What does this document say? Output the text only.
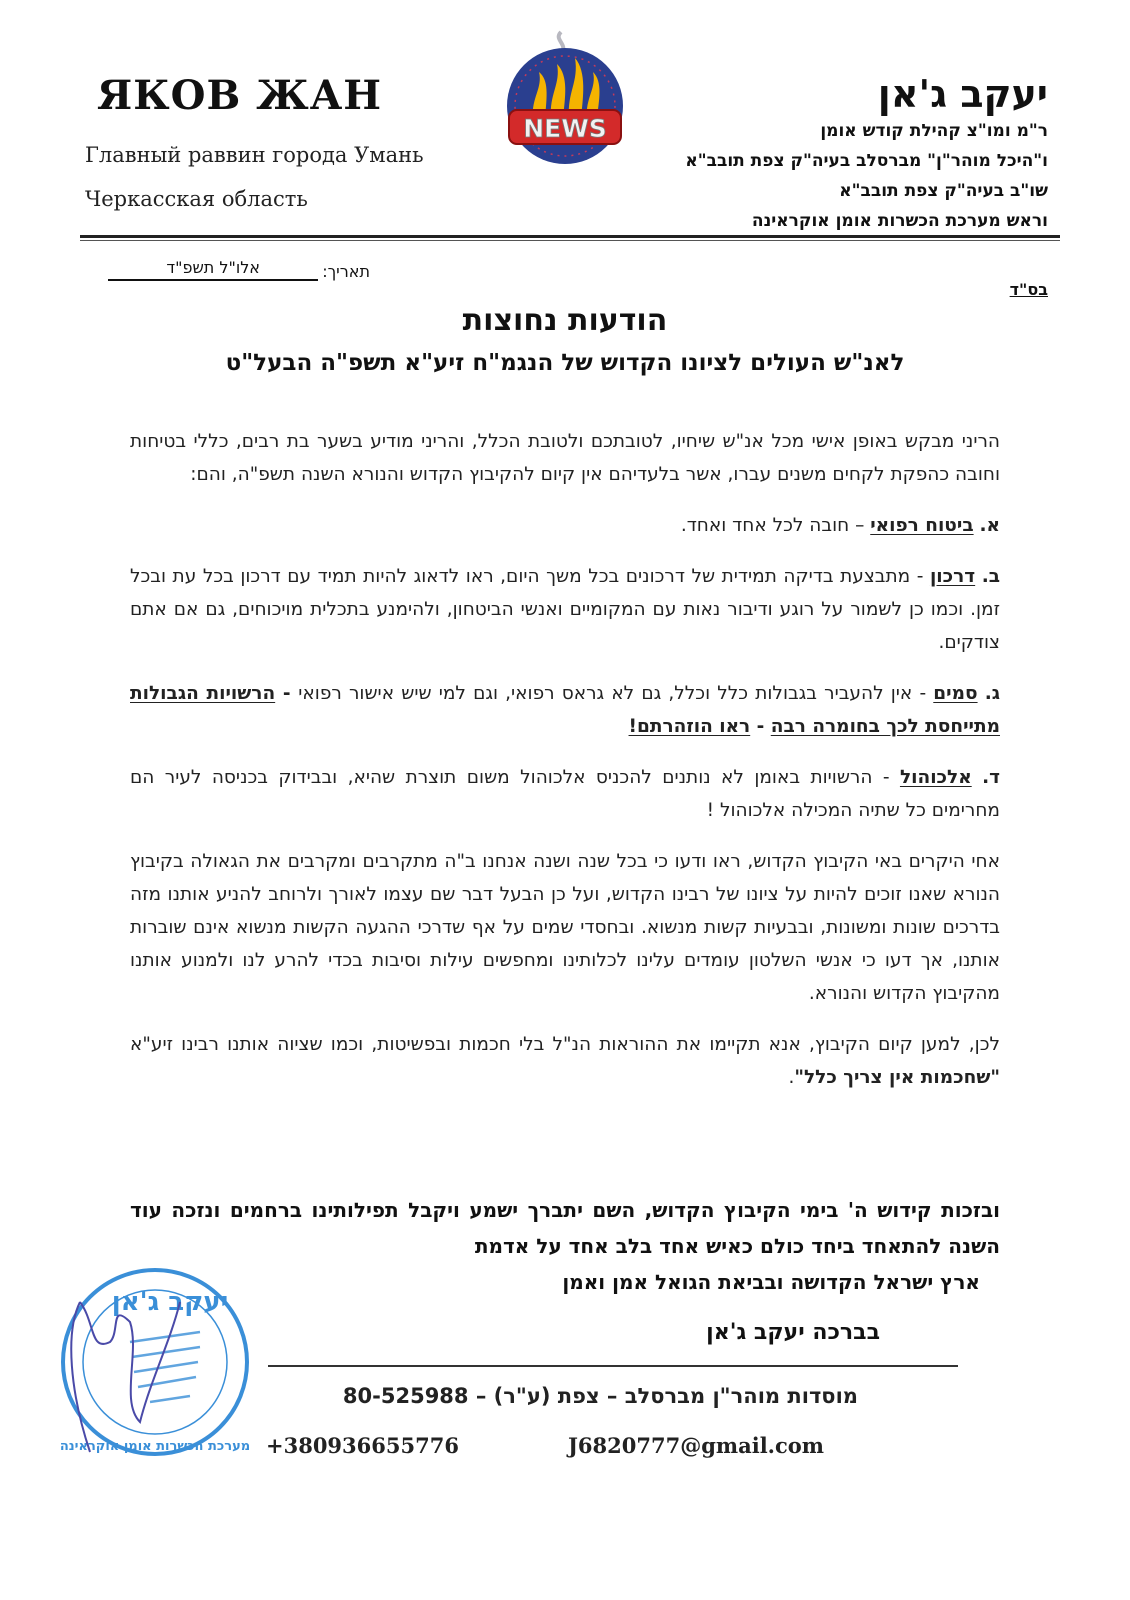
ЯКОВ ЖАН
Главный раввин города Умань
Черкасская область
NEWS
יעקב ג'אן
ר"מ ומו"צ קהילת קודש אומן
ו"היכל מוהר"ן" מברסלב בעיה"ק צפת תובב"א
שו"ב בעיה"ק צפת תובב"א
וראש מערכת הכשרות אומן אוקראינה
תאריך:
אלו"ל תשפ"ד
בס"ד
הודעות נחוצות
לאנ"ש העולים לציונו הקדוש של הנגמ"ח זיע"א תשפ"ה הבעל"ט

הריני מבקש באופן אישי מכל אנ"ש שיחיו, לטובתכם ולטובת הכלל, והריני מודיע בשער בת רבים, כללי בטיחות וחובה כהפקת לקחים משנים עברו, אשר בלעדיהם אין קיום להקיבוץ הקדוש והנורא השנה תשפ"ה, והם:

א. ביטוח רפואי – חובה לכל אחד ואחד.

ב. דרכון - מתבצעת בדיקה תמידית של דרכונים בכל משך היום, ראו לדאוג להיות תמיד עם דרכון בכל עת ובכל זמן. וכמו כן לשמור על רוגע ודיבור נאות עם המקומיים ואנשי הביטחון, ולהימנע בתכלית מויכוחים, גם אם אתם צודקים.

ג. סמים - אין להעביר בגבולות כלל וכלל, גם לא גראס רפואי, וגם למי שיש אישור רפואי - הרשויות הגבולות מתייחסת לכך בחומרה רבה - ראו הוזהרתם!

ד. אלכוהול - הרשויות באומן לא נותנים להכניס אלכוהול משום תוצרת שהיא, ובבידוק בכניסה לעיר הם מחרימים כל שתיה המכילה אלכוהול !

אחי היקרים באי הקיבוץ הקדוש, ראו ודעו כי בכל שנה ושנה אנחנו ב"ה מתקרבים ומקרבים את הגאולה בקיבוץ הנורא שאנו זוכים להיות על ציונו של רבינו הקדוש, ועל כן הבעל דבר שם עצמו לאורך ולרוחב להניע אותנו מזה בדרכים שונות ומשונות, ובבעיות קשות מנשוא. ובחסדי שמים על אף שדרכי ההגעה הקשות מנשוא אינם שוברות אותנו, אך דעו כי אנשי השלטון עומדים עלינו לכלותינו ומחפשים עילות וסיבות בכדי להרע לנו ולמנוע אותנו מהקיבוץ הקדוש והנורא.

לכן, למען קיום הקיבוץ, אנא תקיימו את ההוראות הנ"ל בלי חכמות ובפשיטות, וכמו שציוה אותנו רבינו זיע"א "שחכמות אין צריך כלל".

ובזכות קידוש ה' בימי הקיבוץ הקדוש, השם יתברך ישמע ויקבל תפילותינו ברחמים ונזכה עוד השנה להתאחד ביחד כולם כאיש אחד בלב אחד על אדמת
ארץ ישראל הקדושה ובביאת הגואל אמן ואמן
בברכה יעקב ג'אן
מוסדות מוהר"ן מברסלב – צפת (ע"ר) – 80-525988
+380936655776	J6820777@gmail.com
יעקב ג'אן
מערכת הכשרות אומן אוקראינה
